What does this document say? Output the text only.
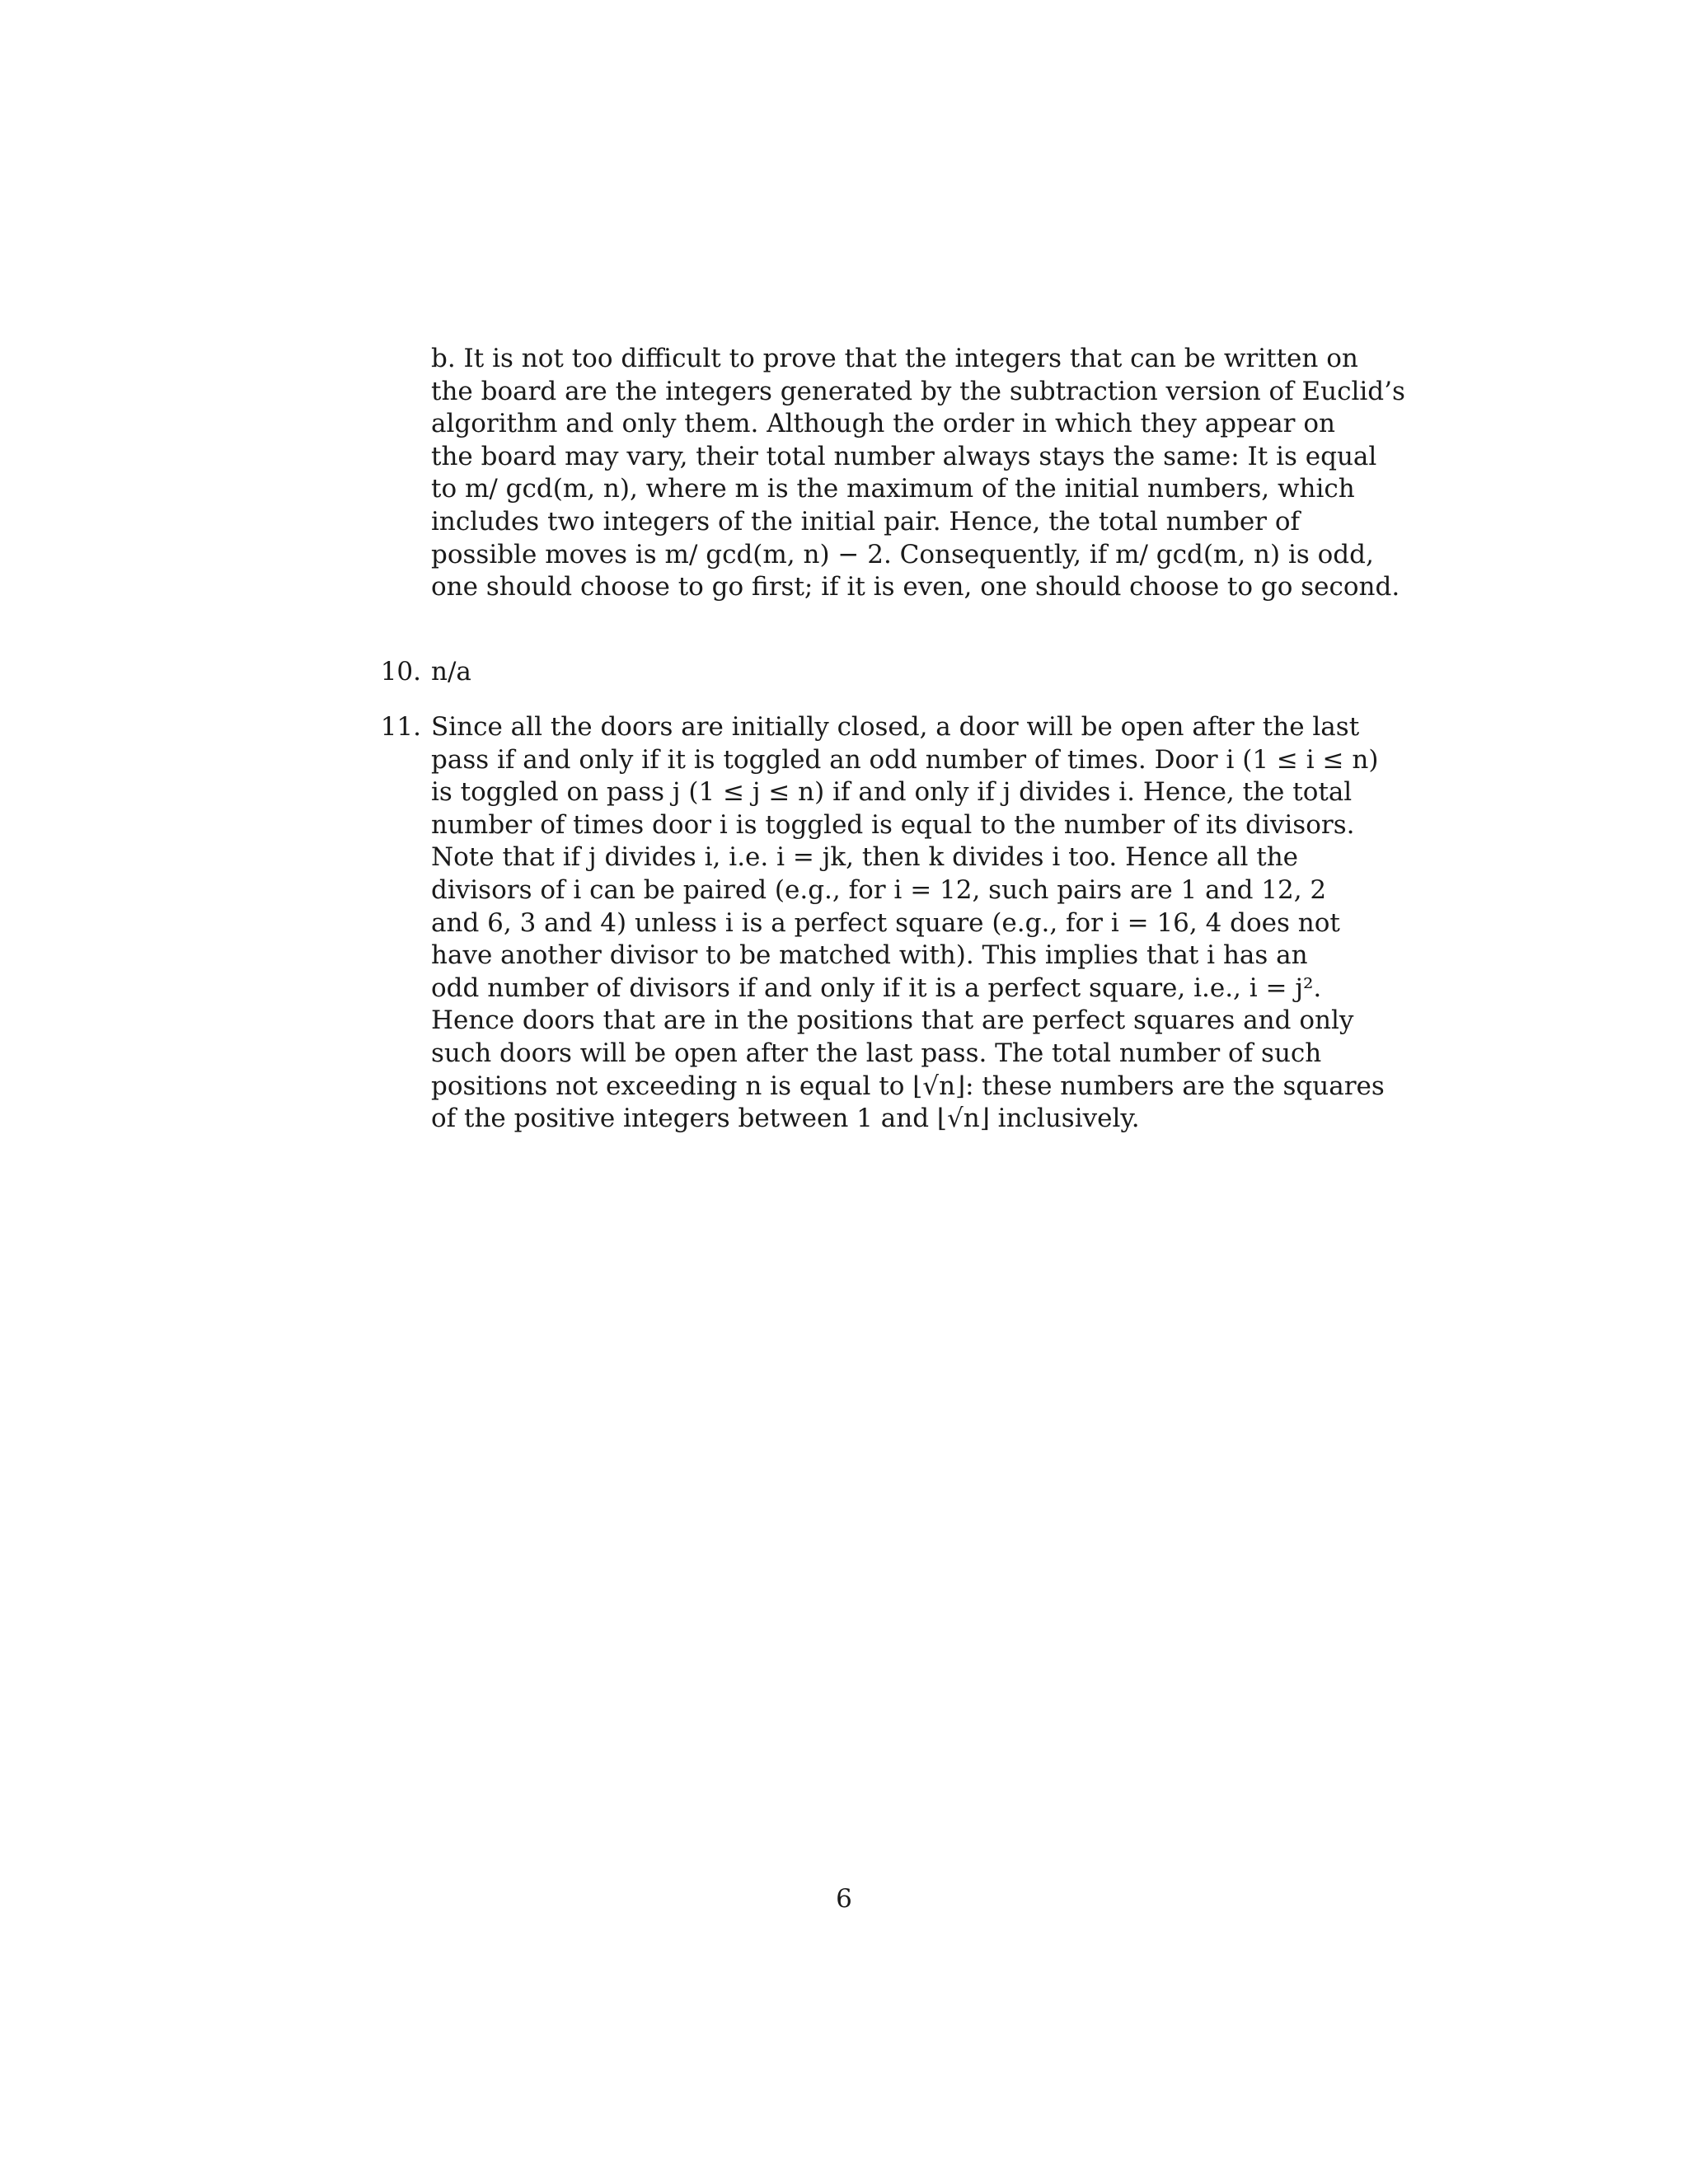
b. It is not too difficult to prove that the integers that can be written on
the board are the integers generated by the subtraction version of Euclid’s
algorithm and only them. Although the order in which they appear on
the board may vary, their total number always stays the same: It is equal
to m/ gcd(m, n), where m is the maximum of the initial numbers, which
includes two integers of the initial pair. Hence, the total number of
possible moves is m/ gcd(m, n) − 2. Consequently, if m/ gcd(m, n) is odd,
one should choose to go first; if it is even, one should choose to go second.
10. n/a
11. Since all the doors are initially closed, a door will be open after the last
pass if and only if it is toggled an odd number of times. Door i (1 ≤ i ≤ n)
is toggled on pass j (1 ≤ j ≤ n) if and only if j divides i. Hence, the total
number of times door i is toggled is equal to the number of its divisors.
Note that if j divides i, i.e. i = jk, then k divides i too. Hence all the
divisors of i can be paired (e.g., for i = 12, such pairs are 1 and 12, 2
and 6, 3 and 4) unless i is a perfect square (e.g., for i = 16, 4 does not
have another divisor to be matched with). This implies that i has an
odd number of divisors if and only if it is a perfect square, i.e., i = j².
Hence doors that are in the positions that are perfect squares and only
such doors will be open after the last pass. The total number of such
positions not exceeding n is equal to ⌊√n⌋: these numbers are the squares
of the positive integers between 1 and ⌊√n⌋ inclusively.
6
